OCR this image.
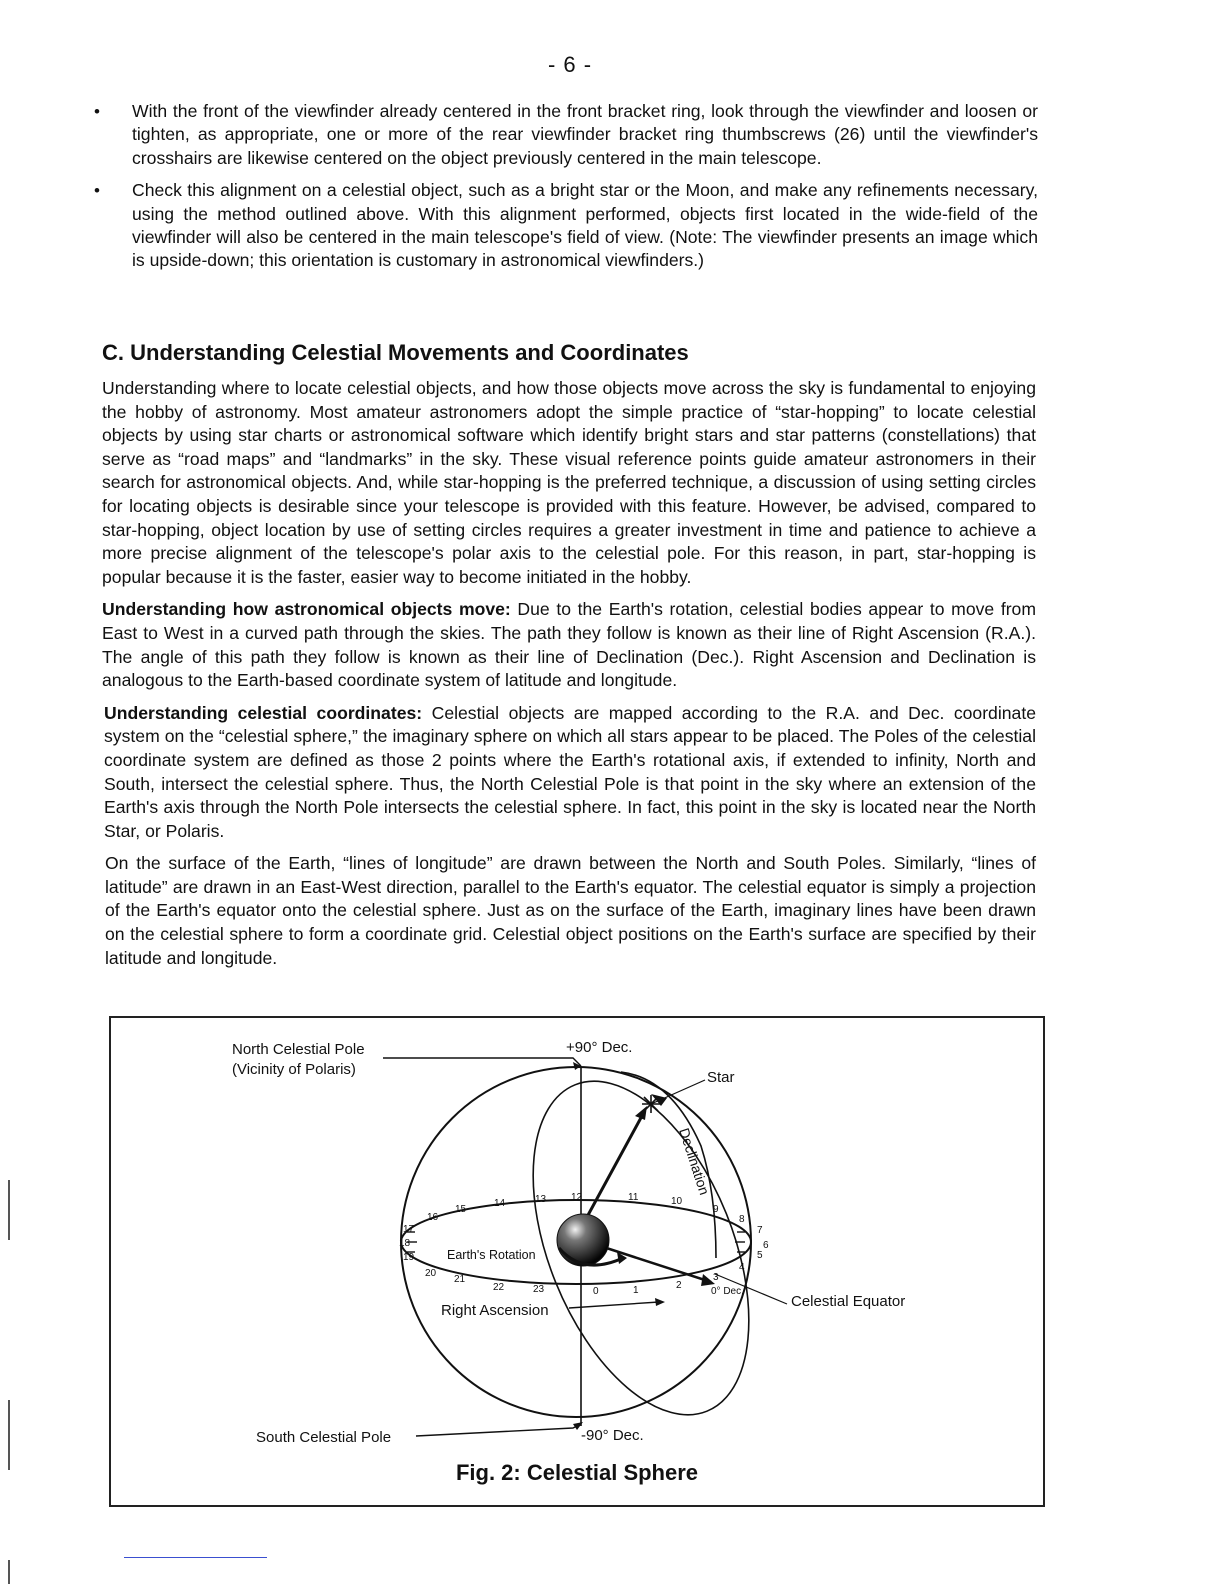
- 6 -
• With the front of the viewfinder already centered in the front bracket ring, look through the viewfinder and loosen or tighten, as appropriate, one or more of the rear viewfinder bracket ring thumbscrews (26) until the viewfinder's crosshairs are likewise centered on the object previously centered in the main telescope.
• Check this alignment on a celestial object, such as a bright star or the Moon, and make any refinements necessary, using the method outlined above. With this alignment performed, objects first located in the wide-field of the viewfinder will also be centered in the main telescope's field of view. (Note: The viewfinder presents an image which is upside-down; this orientation is customary in astronomical viewfinders.)
C. Understanding Celestial Movements and Coordinates

Understanding where to locate celestial objects, and how those objects move across the sky is fundamental to enjoying the hobby of astronomy. Most amateur astronomers adopt the simple practice of “star-hopping” to locate celestial objects by using star charts or astronomical software which identify bright stars and star patterns (constellations) that serve as “road maps” and “landmarks” in the sky. These visual reference points guide amateur astronomers in their search for astronomical objects. And, while star-hopping is the preferred technique, a discussion of using setting circles for locating objects is desirable since your telescope is provided with this feature. However, be advised, compared to star-hopping, object location by use of setting circles requires a greater investment in time and patience to achieve a more precise alignment of the telescope's polar axis to the celestial pole. For this reason, in part, star-hopping is popular because it is the faster, easier way to become initiated in the hobby.

Understanding how astronomical objects move: Due to the Earth's rotation, celestial bodies appear to move from East to West in a curved path through the skies. The path they follow is known as their line of Right Ascension (R.A.). The angle of this path they follow is known as their line of Declination (Dec.). Right Ascension and Declination is analogous to the Earth-based coordinate system of latitude and longitude.

Understanding celestial coordinates: Celestial objects are mapped according to the R.A. and Dec. coordinate system on the “celestial sphere,” the imaginary sphere on which all stars appear to be placed. The Poles of the celestial coordinate system are defined as those 2 points where the Earth's rotational axis, if extended to infinity, North and South, intersect the celestial sphere. Thus, the North Celestial Pole is that point in the sky where an extension of the Earth's axis through the North Pole intersects the celestial sphere. In fact, this point in the sky is located near the North Star, or Polaris.

On the surface of the Earth, “lines of longitude” are drawn between the North and South Poles. Similarly, “lines of latitude” are drawn in an East-West direction, parallel to the Earth's equator. The celestial equator is simply a projection of the Earth's equator onto the celestial sphere. Just as on the surface of the Earth, imaginary lines have been drawn on the celestial sphere to form a coordinate grid. Celestial object positions on the Earth's surface are specified by their latitude and longitude.

North Celestial Pole
(Vicinity of Polaris)
+90° Dec.
Star
Declination
Earth's Rotation
Right Ascension
0° Dec.
Celestial Equator
South Celestial Pole	-90° Dec.
0	1	2
3
4
5
6
7
8
9
10
11
12
13
14
15
16
17
18
19
20
21
22	23
Fig. 2: Celestial Sphere
